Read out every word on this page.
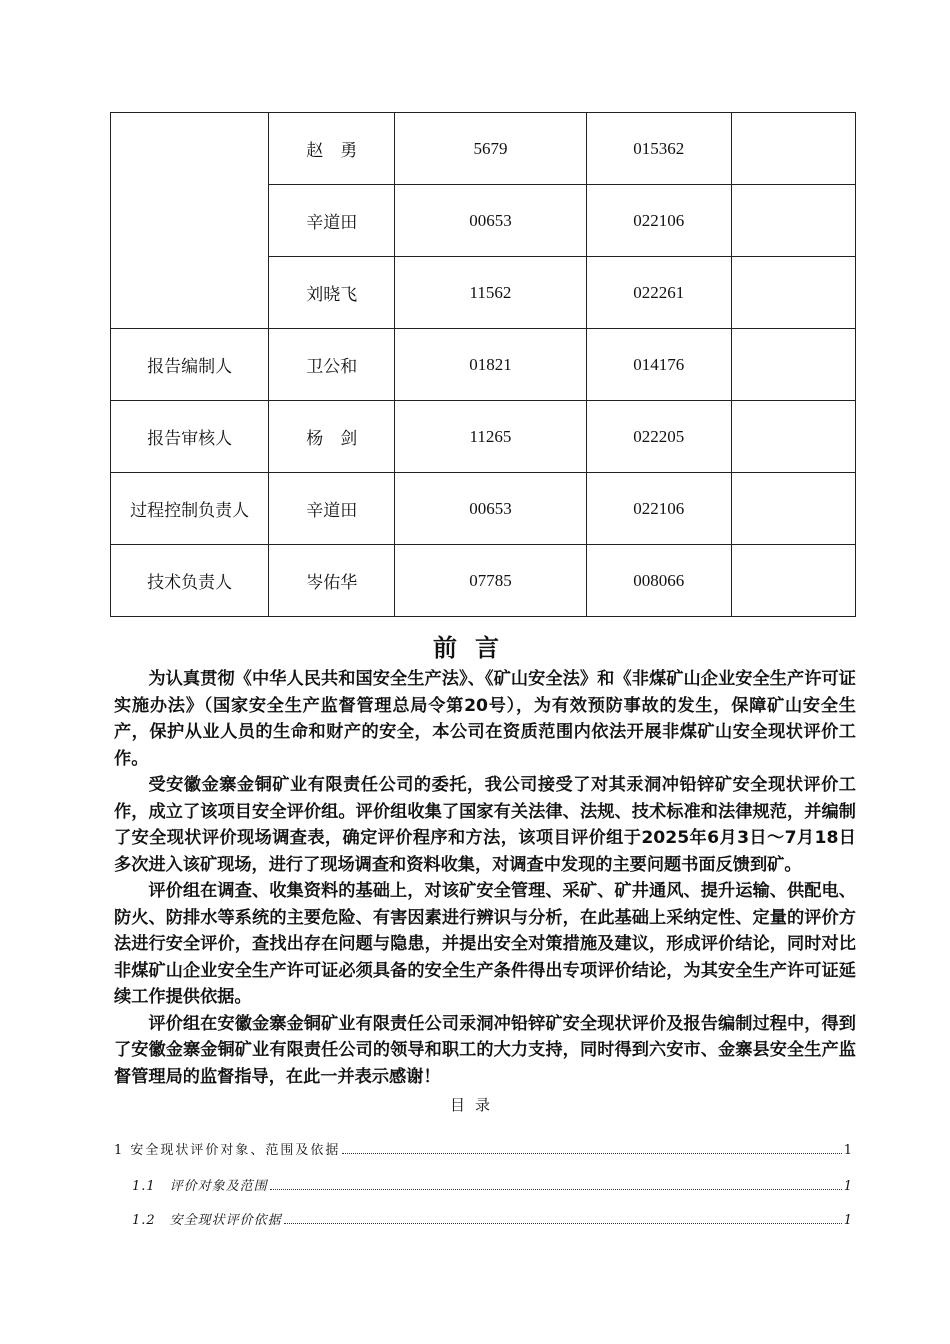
	赵　勇	5679	015362	
	辛道田	00653	022106	
	刘晓飞	11562	022261	
报告编制人	卫公和	01821	014176	
报告审核人	杨　剑	11265	022205	
过程控制负责人	辛道田	00653	022106	
技术负责人	岑佑华	07785	008066	
前言

为认真贯彻《中华人民共和国安全生产法》、《矿山安全法》和《非煤矿山企业安全生产许可证实施办法》（国家安全生产监督管理总局令第20号），为有效预防事故的发生，保障矿山安全生产，保护从业人员的生命和财产的安全，本公司在资质范围内依法开展非煤矿山安全现状评价工作。

受安徽金寨金铜矿业有限责任公司的委托，我公司接受了对其汞洞冲铅锌矿安全现状评价工作，成立了该项目安全评价组。评价组收集了国家有关法律、法规、技术标准和法律规范，并编制了安全现状评价现场调查表，确定评价程序和方法，该项目评价组于2025年6月3日～7月18日多次进入该矿现场，进行了现场调查和资料收集，对调查中发现的主要问题书面反馈到矿。

评价组在调查、收集资料的基础上，对该矿安全管理、采矿、矿井通风、提升运输、供配电、防火、防排水等系统的主要危险、有害因素进行辨识与分析，在此基础上采纳定性、定量的评价方法进行安全评价，查找出存在问题与隐患，并提出安全对策措施及建议，形成评价结论，同时对比非煤矿山企业安全生产许可证必须具备的安全生产条件得出专项评价结论，为其安全生产许可证延续工作提供依据。

评价组在安徽金寨金铜矿业有限责任公司汞洞冲铅锌矿安全现状评价及报告编制过程中，得到了安徽金寨金铜矿业有限责任公司的领导和职工的大力支持，同时得到六安市、金寨县安全生产监督管理局的监督指导，在此一并表示感谢！

目录
1 安全现状评价对象、范围及依据	1
1.1　评价对象及范围	1
1.2　安全现状评价依据	1
